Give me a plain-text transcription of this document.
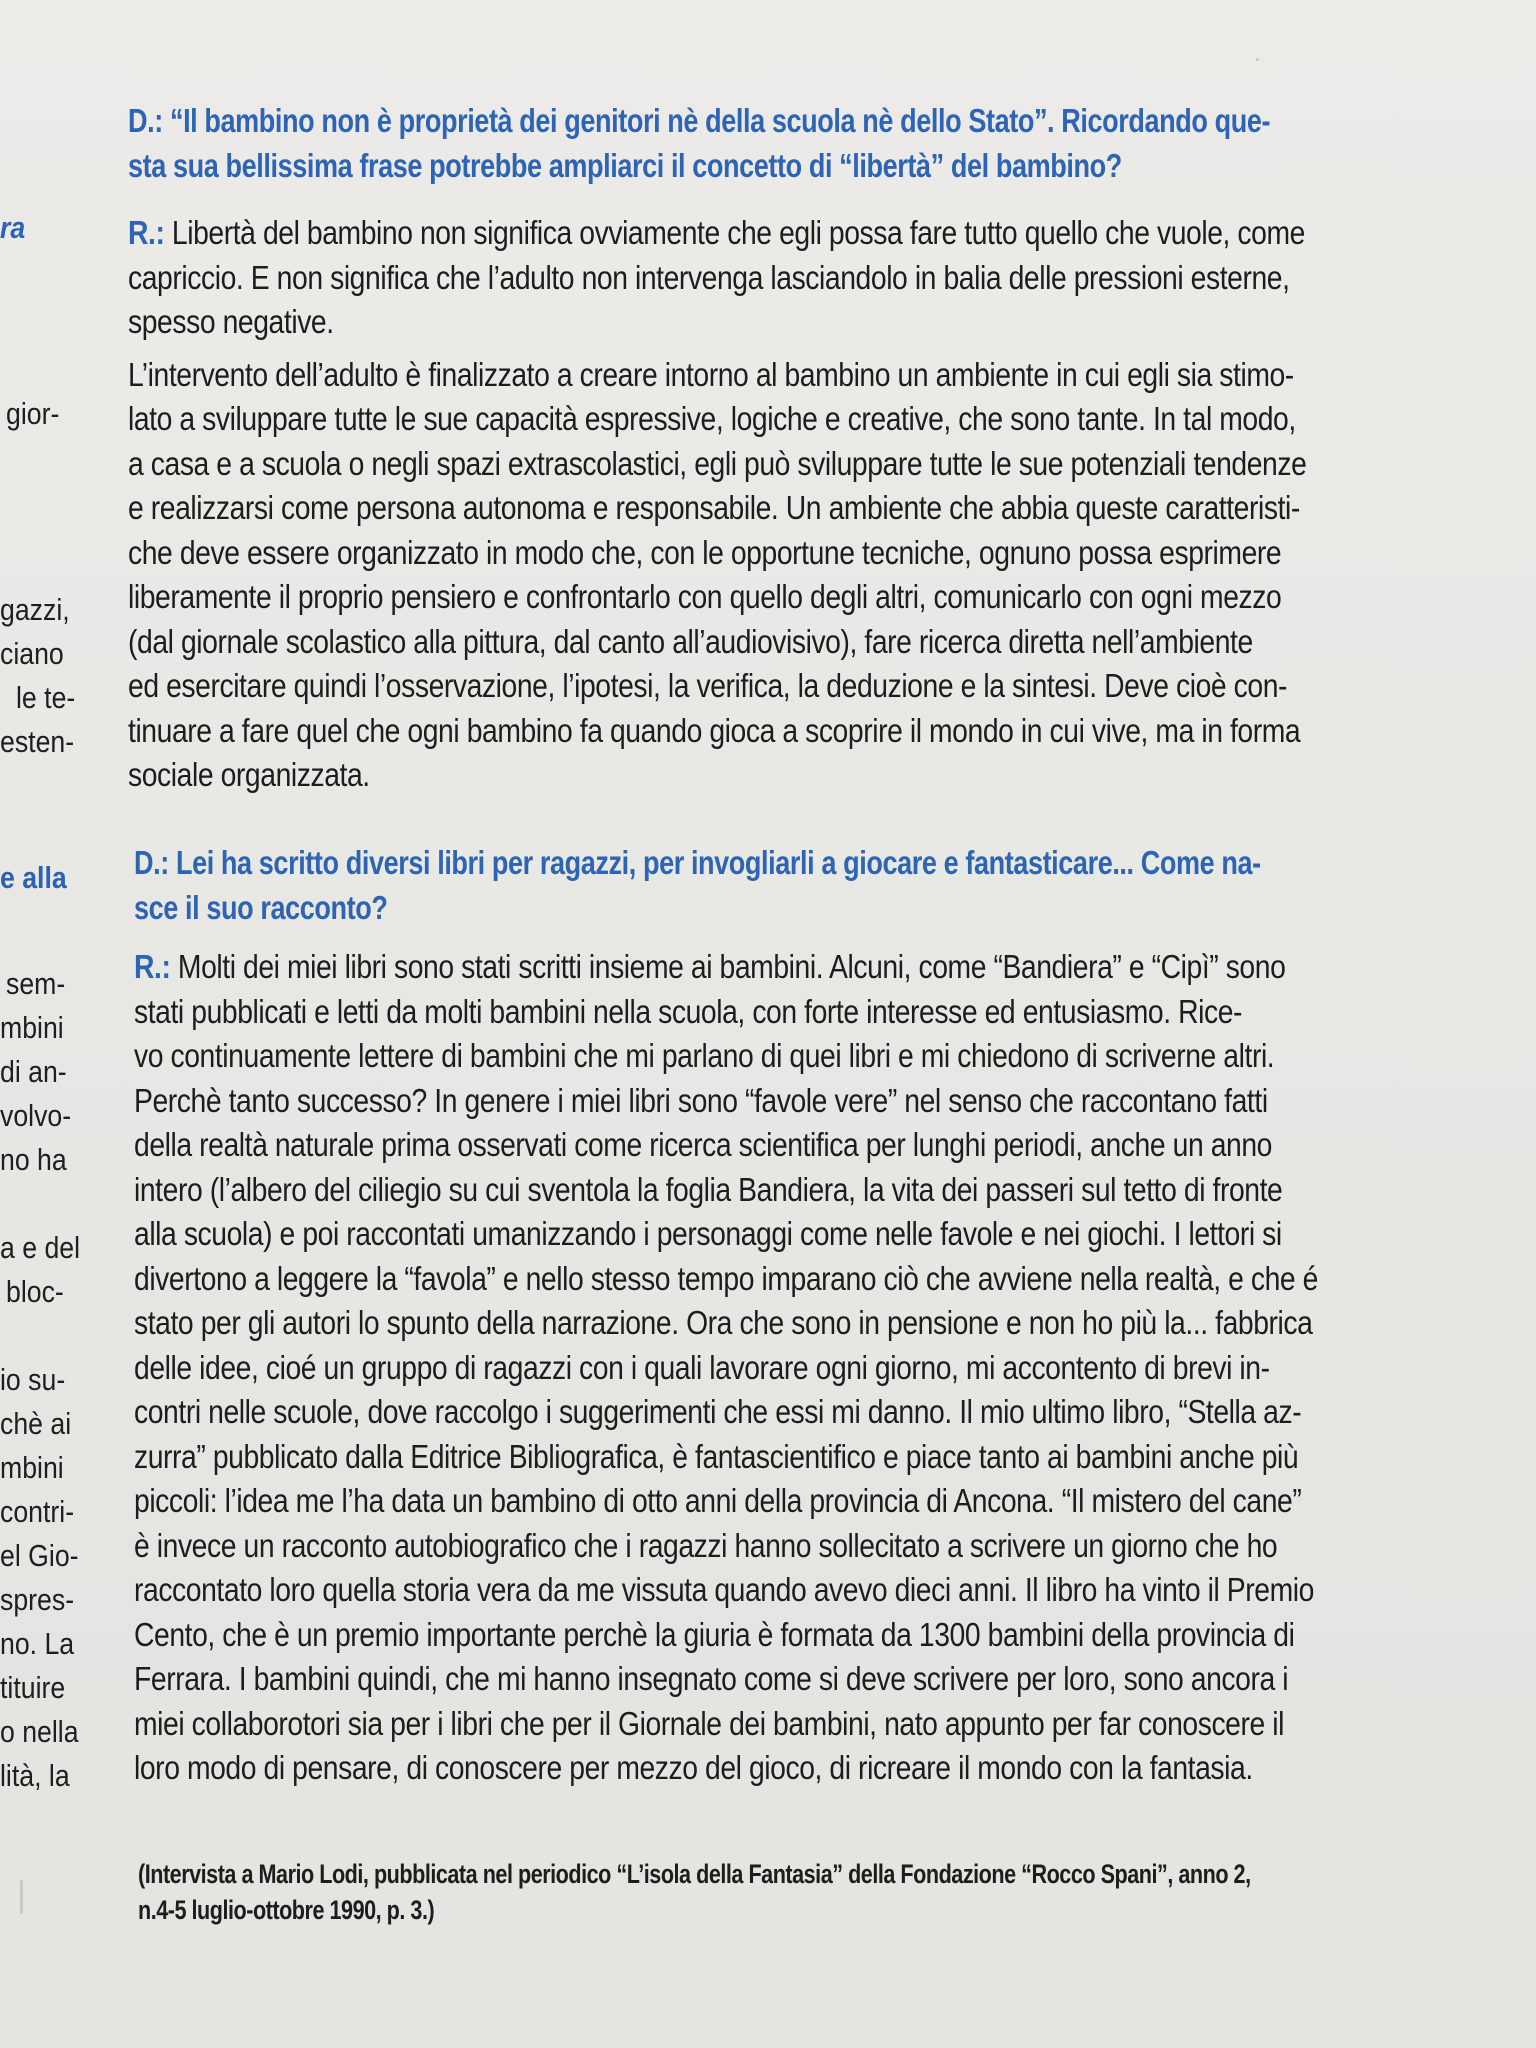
ra
gior-
gazzi,
ciano
le te-
esten-
e alla
sem-
mbini
di an-
volvo-
no ha
a e del
bloc-
io su-
chè ai
mbini
contri-
el Gio-
spres-
no. La
tituire
o nella
lità, la
D.: “Il bambino non è proprietà dei genitori nè della scuola nè dello Stato”. Ricordando que-
sta sua bellissima frase potrebbe ampliarci il concetto di “libertà” del bambino?
R.: Libertà del bambino non significa ovviamente che egli possa fare tutto quello che vuole, come
capriccio. E non significa che l’adulto non intervenga lasciandolo in balia delle pressioni esterne,
spesso negative.
L’intervento dell’adulto è finalizzato a creare intorno al bambino un ambiente in cui egli sia stimo-
lato a sviluppare tutte le sue capacità espressive, logiche e creative, che sono tante. In tal modo,
a casa e a scuola o negli spazi extrascolastici, egli può sviluppare tutte le sue potenziali tendenze
e realizzarsi come persona autonoma e responsabile. Un ambiente che abbia queste caratteristi-
che deve essere organizzato in modo che, con le opportune tecniche, ognuno possa esprimere
liberamente il proprio pensiero e confrontarlo con quello degli altri, comunicarlo con ogni mezzo
(dal giornale scolastico alla pittura, dal canto all’audiovisivo), fare ricerca diretta nell’ambiente
ed esercitare quindi l’osservazione, l’ipotesi, la verifica, la deduzione e la sintesi. Deve cioè con-
tinuare a fare quel che ogni bambino fa quando gioca a scoprire il mondo in cui vive, ma in forma
sociale organizzata.
D.: Lei ha scritto diversi libri per ragazzi, per invogliarli a giocare e fantasticare... Come na-
sce il suo racconto?
R.: Molti dei miei libri sono stati scritti insieme ai bambini. Alcuni, come “Bandiera” e “Cipì” sono
stati pubblicati e letti da molti bambini nella scuola, con forte interesse ed entusiasmo. Rice-
vo continuamente lettere di bambini che mi parlano di quei libri e mi chiedono di scriverne altri.
Perchè tanto successo? In genere i miei libri sono “favole vere” nel senso che raccontano fatti
della realtà naturale prima osservati come ricerca scientifica per lunghi periodi, anche un anno
intero (l’albero del ciliegio su cui sventola la foglia Bandiera, la vita dei passeri sul tetto di fronte
alla scuola) e poi raccontati umanizzando i personaggi come nelle favole e nei giochi. I lettori si
divertono a leggere la “favola” e nello stesso tempo imparano ciò che avviene nella realtà, e che é
stato per gli autori lo spunto della narrazione. Ora che sono in pensione e non ho più la... fabbrica
delle idee, cioé un gruppo di ragazzi con i quali lavorare ogni giorno, mi accontento di brevi in-
contri nelle scuole, dove raccolgo i suggerimenti che essi mi danno. Il mio ultimo libro, “Stella az-
zurra” pubblicato dalla Editrice Bibliografica, è fantascientifico e piace tanto ai bambini anche più
piccoli: l’idea me l’ha data un bambino di otto anni della provincia di Ancona. “Il mistero del cane”
è invece un racconto autobiografico che i ragazzi hanno sollecitato a scrivere un giorno che ho
raccontato loro quella storia vera da me vissuta quando avevo dieci anni. Il libro ha vinto il Premio
Cento, che è un premio importante perchè la giuria è formata da 1300 bambini della provincia di
Ferrara. I bambini quindi, che mi hanno insegnato come si deve scrivere per loro, sono ancora i
miei collaborotori sia per i libri che per il Giornale dei bambini, nato appunto per far conoscere il
loro modo di pensare, di conoscere per mezzo del gioco, di ricreare il mondo con la fantasia.
(Intervista a Mario Lodi, pubblicata nel periodico “L’isola della Fantasia” della Fondazione “Rocco Spani”, anno 2,
n.4-5 luglio-ottobre 1990, p. 3.)
